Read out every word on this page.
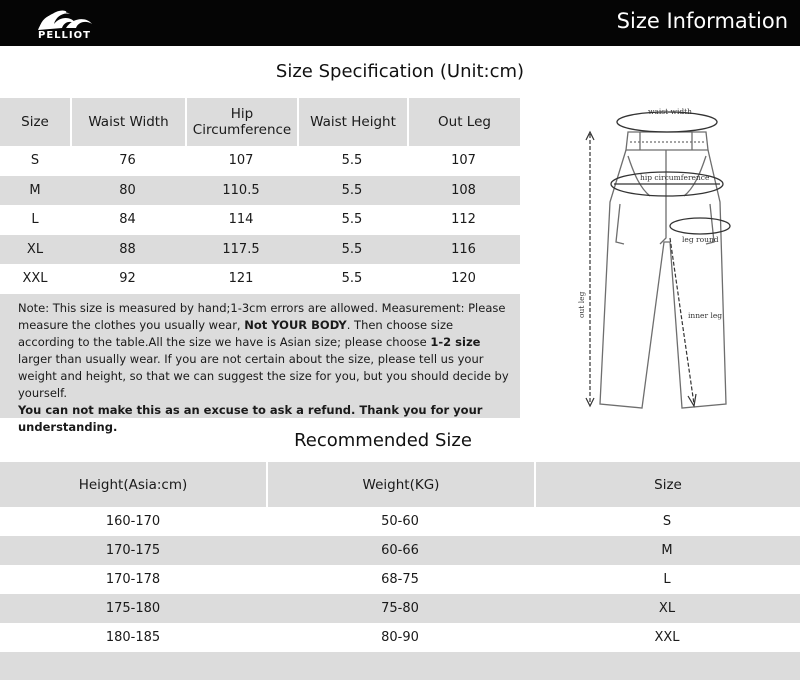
PELLIOT
Size Information
Size Specification (Unit:cm)
Size	Waist Width	Hip Circumference	Waist Height	Out Leg
S	76	107	5.5	107
M	80	110.5	5.5	108
L	84	114	5.5	112
XL	88	117.5	5.5	116
XXL	92	121	5.5	120
Note: This size is measured by hand;1-3cm errors are allowed. Measurement: Please measure the clothes you usually wear, Not YOUR BODY. Then choose size according to the table.All the size we have is Asian size; please choose 1-2 size larger than usually wear. If you are not certain about the size, please tell us your weight and height, so that we can suggest the size for you, but you should decide by yourself.
You can not make this as an excuse to ask a refund. Thank you for your understanding.
waist width
hip circumference
leg round
inner leg
out leg
Recommended Size
Height(Asia:cm)	Weight(KG)	Size
160-170	50-60	S
170-175	60-66	M
170-178	68-75	L
175-180	75-80	XL
180-185	80-90	XXL
